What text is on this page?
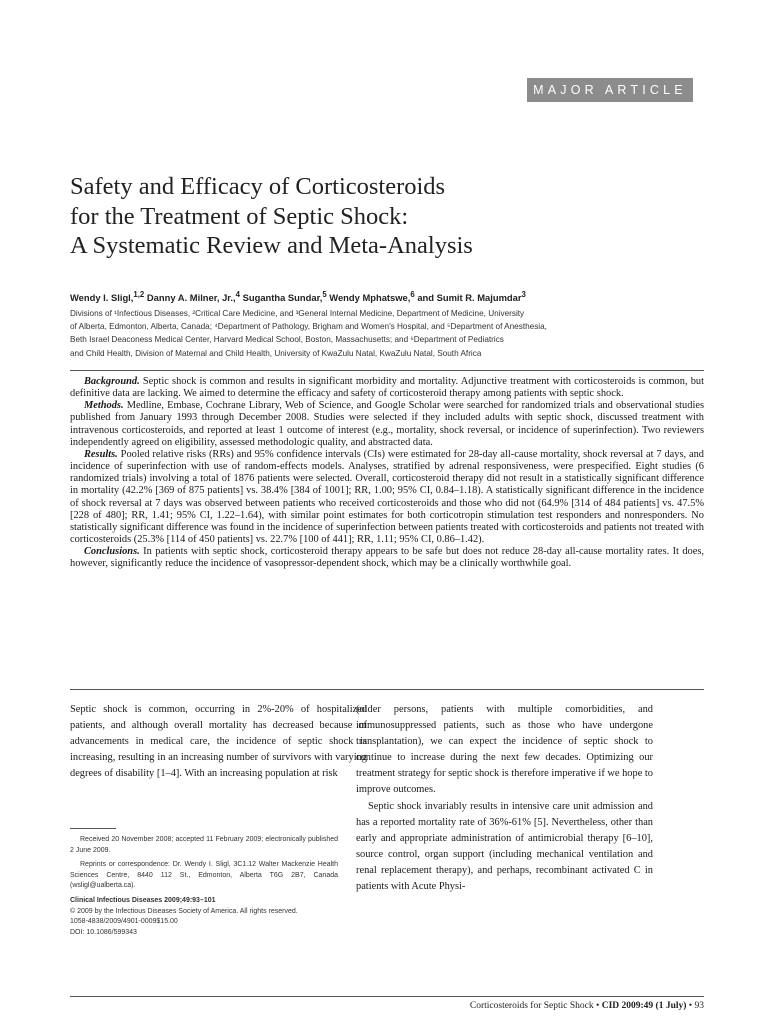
MAJOR ARTICLE
Safety and Efficacy of Corticosteroids
for the Treatment of Septic Shock:
A Systematic Review and Meta-Analysis
Wendy I. Sligl,$^{1,2}$ Danny A. Milner, Jr.,$^4$ Sugantha Sundar,$^5$ Wendy Mphatswe,$^6$ and Sumit R. Majumdar$^3$
Divisions of ¹Infectious Diseases, ²Critical Care Medicine, and ³General Internal Medicine, Department of Medicine, University
of Alberta, Edmonton, Alberta, Canada; ⁴Department of Pathology, Brigham and Women's Hospital, and ⁵Department of Anesthesia,
Beth Israel Deaconess Medical Center, Harvard Medical School, Boston, Massachusetts; and ⁶Department of Pediatrics
and Child Health, Division of Maternal and Child Health, University of KwaZulu Natal, KwaZulu Natal, South Africa

Background. Septic shock is common and results in significant morbidity and mortality. Adjunctive treatment with corticosteroids is common, but definitive data are lacking. We aimed to determine the efficacy and safety of corticosteroid therapy among patients with septic shock.

Methods. Medline, Embase, Cochrane Library, Web of Science, and Google Scholar were searched for randomized trials and observational studies published from January 1993 through December 2008. Studies were selected if they included adults with septic shock, discussed treatment with intravenous corticosteroids, and reported at least 1 outcome of interest (e.g., mortality, shock reversal, or incidence of superinfection). Two reviewers independently agreed on eligibility, assessed methodologic quality, and abstracted data.

Results. Pooled relative risks (RRs) and 95% confidence intervals (CIs) were estimated for 28-day all-cause mortality, shock reversal at 7 days, and incidence of superinfection with use of random-effects models. Analyses, stratified by adrenal responsiveness, were prespecified. Eight studies (6 randomized trials) involving a total of 1876 patients were selected. Overall, corticosteroid therapy did not result in a statistically significant difference in mortality (42.2% [369 of 875 patients] vs. 38.4% [384 of 1001]; RR, 1.00; 95% CI, 0.84–1.18). A statistically significant difference in the incidence of shock reversal at 7 days was observed between patients who received corticosteroids and those who did not (64.9% [314 of 484 patients] vs. 47.5% [228 of 480]; RR, 1.41; 95% CI, 1.22–1.64), with similar point estimates for both corticotropin stimulation test responders and nonresponders. No statistically significant difference was found in the incidence of superinfection between patients treated with corticosteroids and patients not treated with corticosteroids (25.3% [114 of 450 patients] vs. 22.7% [100 of 441]; RR, 1.11; 95% CI, 0.86–1.42).

Conclusions. In patients with septic shock, corticosteroid therapy appears to be safe but does not reduce 28-day all-cause mortality rates. It does, however, significantly reduce the incidence of vasopressor-dependent shock, which may be a clinically worthwhile goal.

Septic shock is common, occurring in 2%-20% of hospitalized patients, and although overall mortality has decreased because of advancements in medical care, the incidence of septic shock is increasing, resulting in an increasing number of survivors with varying degrees of disability [1–4]. With an increasing population at risk

(older persons, patients with multiple comorbidities, and immunosuppressed patients, such as those who have undergone transplantation), we can expect the incidence of septic shock to continue to increase during the next few decades. Optimizing our treatment strategy for septic shock is therefore imperative if we hope to improve outcomes.

Septic shock invariably results in intensive care unit admission and has a reported mortality rate of 36%-61% [5]. Nevertheless, other than early and appropriate administration of antimicrobial therapy [6–10], source control, organ support (including mechanical ventilation and renal replacement therapy), and perhaps, recombinant activated C in patients with Acute Physi-

Received 20 November 2008; accepted 11 February 2009; electronically published 2 June 2009.

Reprints or correspondence: Dr. Wendy I. Sligl, 3C1.12 Walter Mackenzie Health Sciences Centre, 8440 112 St., Edmonton, Alberta T6G 2B7, Canada (wsligl@ualberta.ca).

Clinical Infectious Diseases 2009;49:93–101

© 2009 by the Infectious Diseases Society of America. All rights reserved.

1058-4838/2009/4901-0009$15.00

DOI: 10.1086/599343

Corticosteroids for Septic Shock • CID 2009:49 (1 July) • 93
